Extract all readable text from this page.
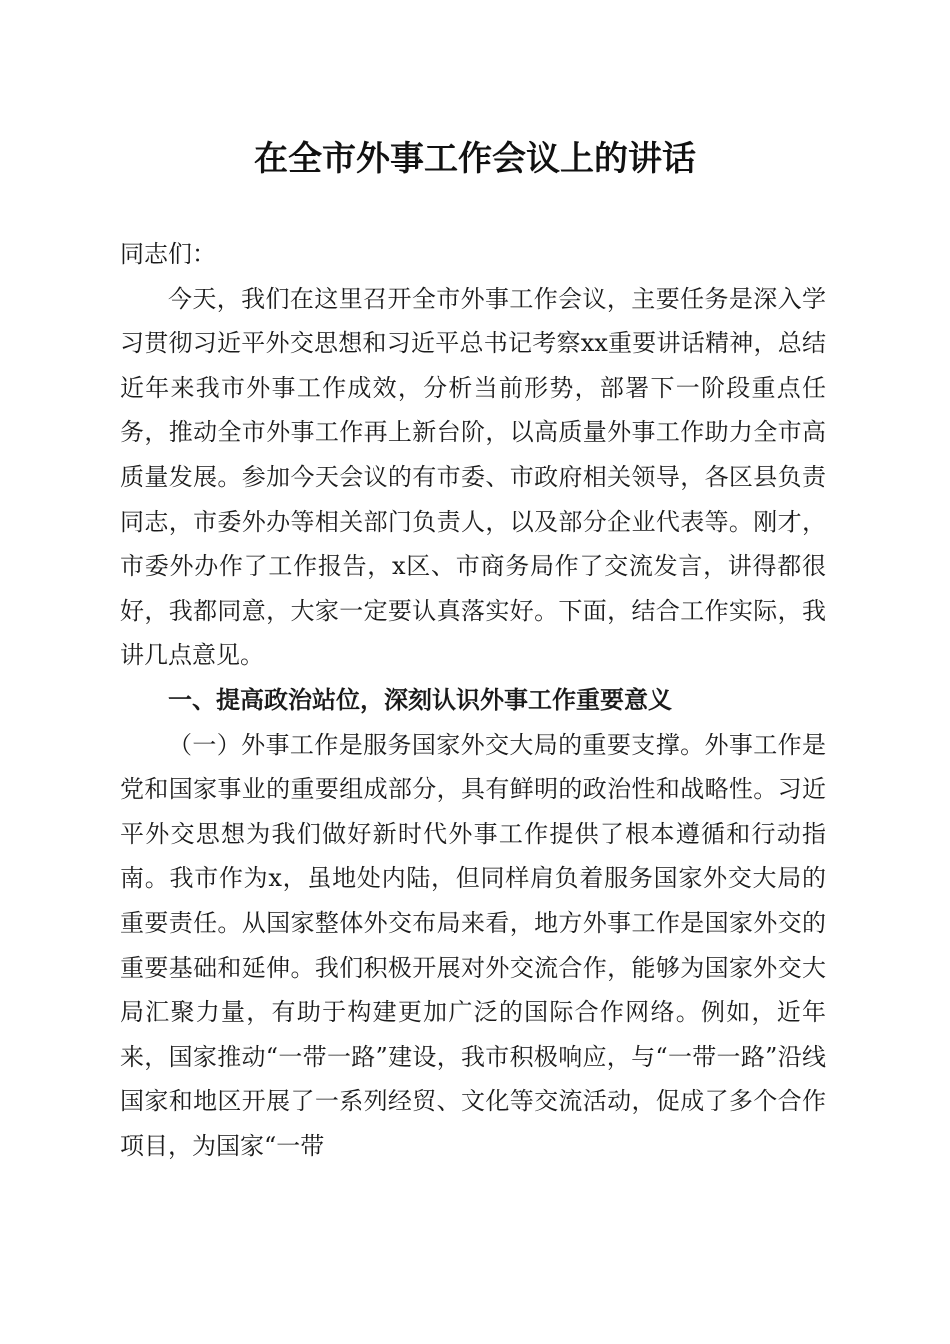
在全市外事工作会议上的讲话

同志们：

今天，我们在这里召开全市外事工作会议，主要任务是深入学习贯彻习近平外交思想和习近平总书记考察xx重要讲话精神，总结近年来我市外事工作成效，分析当前形势，部署下一阶段重点任务，推动全市外事工作再上新台阶，以高质量外事工作助力全市高质量发展。参加今天会议的有市委、市政府相关领导，各区县负责同志，市委外办等相关部门负责人，以及部分企业代表等。刚才，市委外办作了工作报告，x区、市商务局作了交流发言，讲得都很好，我都同意，大家一定要认真落实好。下面，结合工作实际，我讲几点意见。

一、提高政治站位，深刻认识外事工作重要意义

（一）外事工作是服务国家外交大局的重要支撑。外事工作是党和国家事业的重要组成部分，具有鲜明的政治性和战略性。习近平外交思想为我们做好新时代外事工作提供了根本遵循和行动指南。我市作为x，虽地处内陆，但同样肩负着服务国家外交大局的重要责任。从国家整体外交布局来看，地方外事工作是国家外交的重要基础和延伸。我们积极开展对外交流合作，能够为国家外交大局汇聚力量，有助于构建更加广泛的国际合作网络。例如，近年来，国家推动“一带一路”建设，我市积极响应，与“一带一路”沿线国家和地区开展了一系列经贸、文化等交流活动，促成了多个合作项目，为国家“一带
